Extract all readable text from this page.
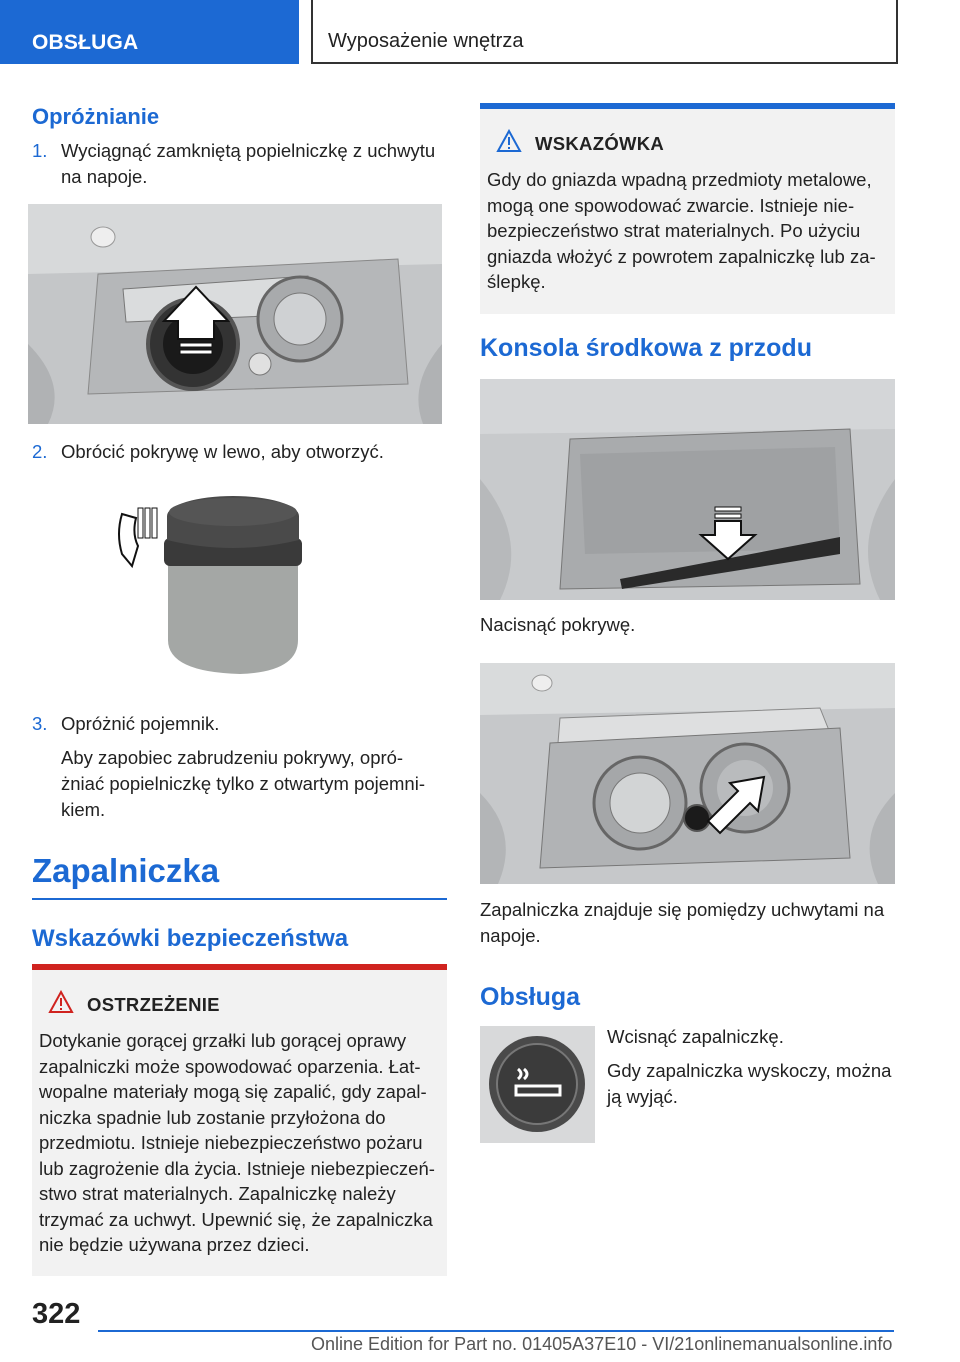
OBSŁUGA	Wyposażenie wnętrza
Opróżnianie
1. Wyciągnąć zamkniętą popielniczkę z uchwytu
na napoje.
2. Obrócić pokrywę w lewo, aby otworzyć.
3. Opróżnić pojemnik.
Aby zapobiec zabrudzeniu pokrywy, opró-
żniać popielniczkę tylko z otwartym pojemni-
kiem.
Zapalniczka
Wskazówki bezpieczeństwa
OSTRZEŻENIE
Dotykanie gorącej grzałki lub gorącej oprawy
zapalniczki może spowodować oparzenia. Łat-
wopalne materiały mogą się zapalić, gdy zapal-
niczka spadnie lub zostanie przyłożona do
przedmiotu. Istnieje niebezpieczeństwo pożaru
lub zagrożenie dla życia. Istnieje niebezpieczeń-
stwo strat materialnych. Zapalniczkę należy
trzymać za uchwyt. Upewnić się, że zapalniczka
nie będzie używana przez dzieci.
WSKAZÓWKA
Gdy do gniazda wpadną przedmioty metalowe,
mogą one spowodować zwarcie. Istnieje nie-
bezpieczeństwo strat materialnych. Po użyciu
gniazda włożyć z powrotem zapalniczkę lub za-
ślepkę.
Konsola środkowa z przodu
Nacisnąć pokrywę.
Zapalniczka znajduje się pomiędzy uchwytami na
napoje.
Obsługa
Wcisnąć zapalniczkę.
Gdy zapalniczka wyskoczy, można
ją wyjąć.
322
Online Edition for Part no. 01405A37E10 - VI/21onlinemanualsonline.info
